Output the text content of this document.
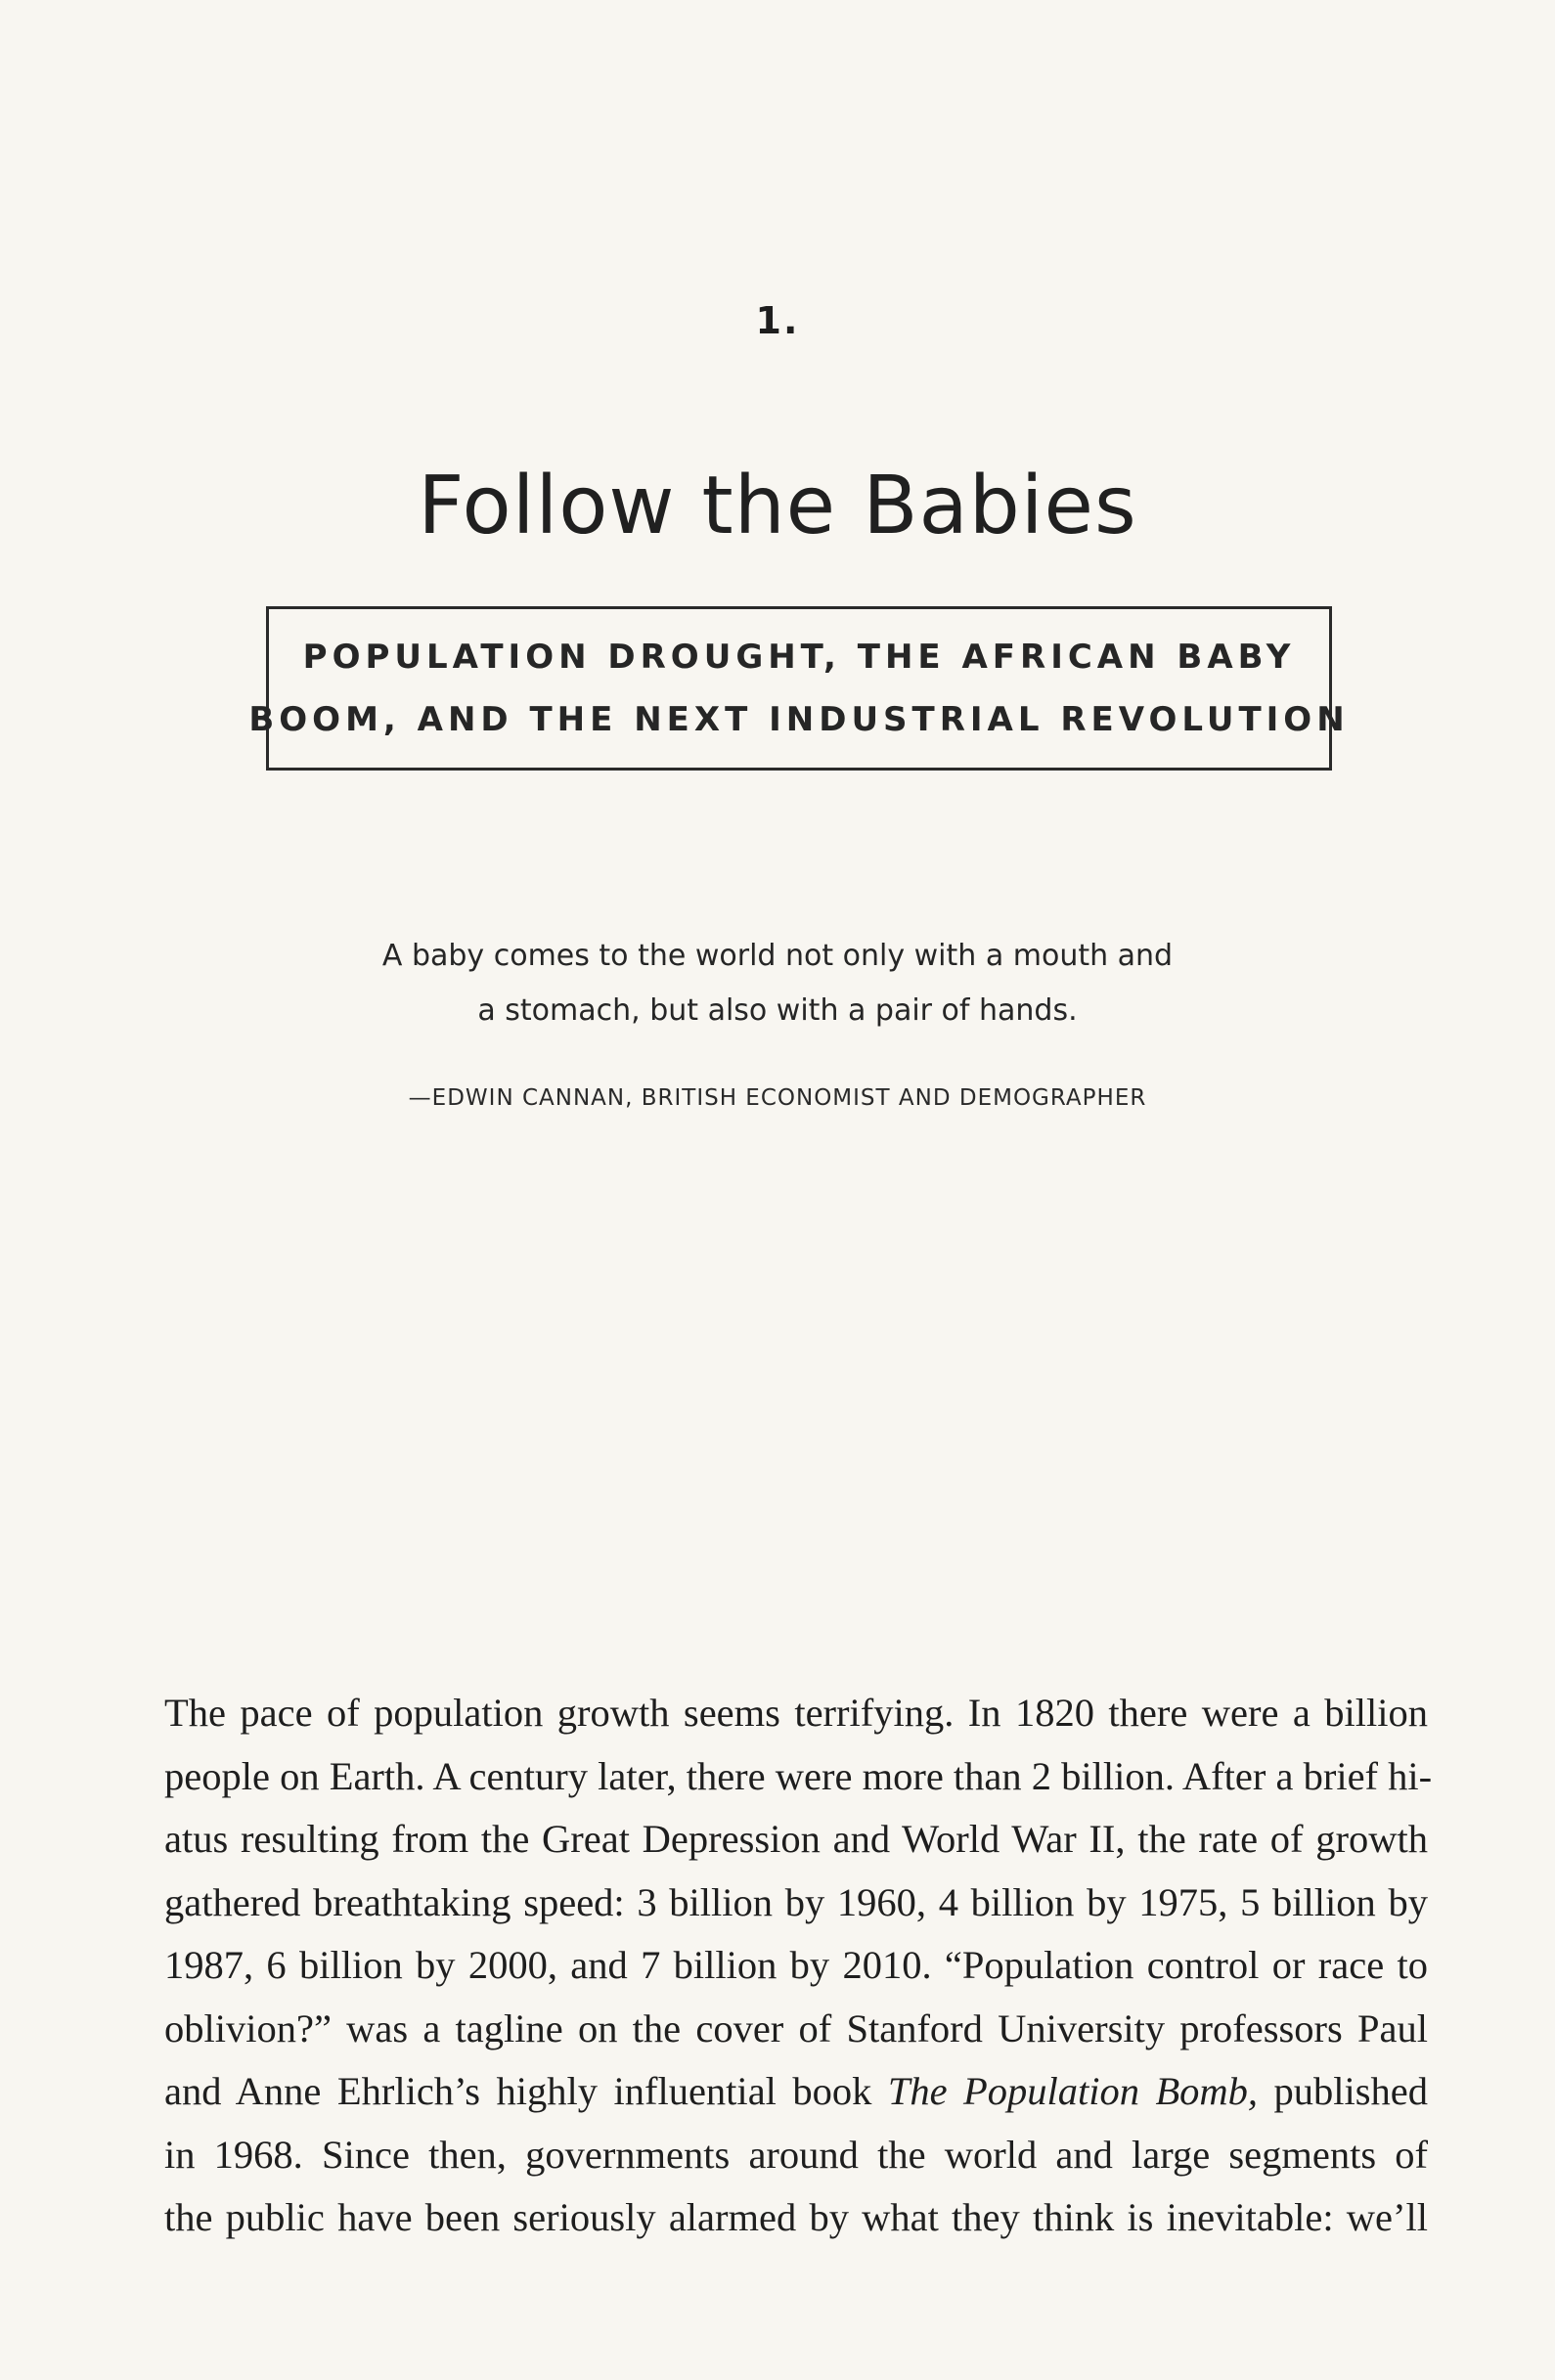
1.
Follow the Babies
POPULATION DROUGHT, THE AFRICAN BABY
BOOM, AND THE NEXT INDUSTRIAL REVOLUTION
A baby comes to the world not only with a mouth and
a stomach, but also with a pair of hands.
—EDWIN CANNAN, BRITISH ECONOMIST AND DEMOGRAPHER
The pace of population growth seems terrifying. In 1820 there were a billion
people on Earth. A century later, there were more than 2 billion. After a brief hi-
atus resulting from the Great Depression and World War II, the rate of growth
gathered breathtaking speed: 3 billion by 1960, 4 billion by 1975, 5 billion by
1987, 6 billion by 2000, and 7 billion by 2010. “Population control or race to
oblivion?” was a tagline on the cover of Stanford University professors Paul
and Anne Ehrlich’s highly influential book The Population Bomb, published
in 1968. Since then, governments around the world and large segments of
the public have been seriously alarmed by what they think is inevitable: we’ll
